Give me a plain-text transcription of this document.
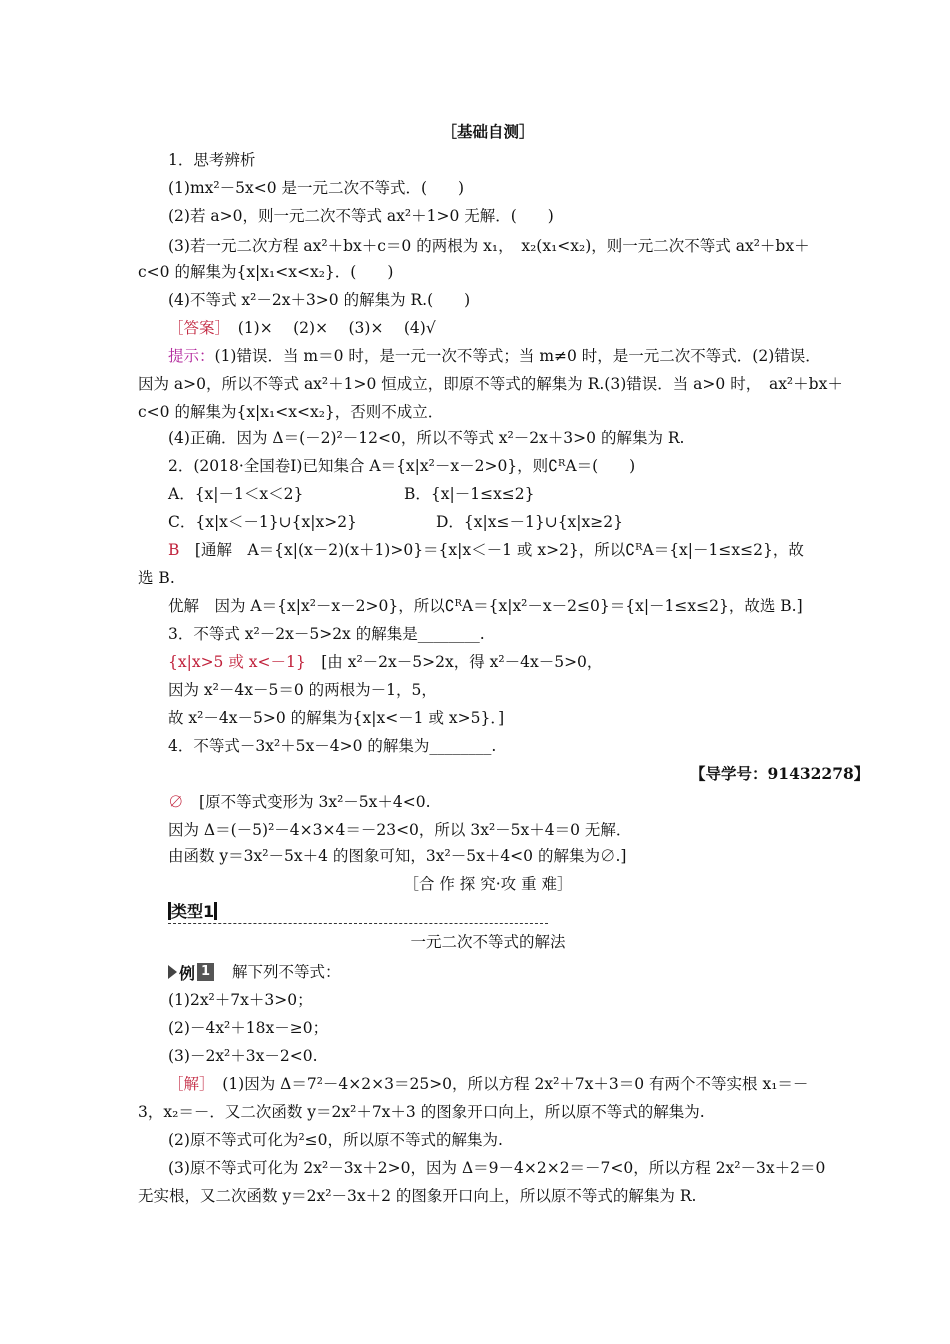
［基础自测］
1．思考辨析
(1)mx²－5x<0 是一元二次不等式．(　　)
(2)若 a>0，则一元二次不等式 ax²＋1>0 无解．(　　)
(3)若一元二次方程 ax²＋bx＋c＝0 的两根为 x₁，　x₂(x₁<x₂)，则一元二次不等式 ax²＋bx＋
c<0 的解集为{x|x₁<x<x₂}．(　　)
(4)不等式 x²－2x＋3>0 的解集为 R.(　　)
［答案］　(1)×　 (2)×　 (3)×　 (4)√
提示：(1)错误．当 m＝0 时，是一元一次不等式；当 m≠0 时，是一元二次不等式．(2)错误．
因为 a>0，所以不等式 ax²＋1>0 恒成立，即原不等式的解集为 R.(3)错误．当 a>0 时，　ax²＋bx＋
c<0 的解集为{x|x₁<x<x₂}，否则不成立．
(4)正确．因为 Δ＝(－2)²－12<0，所以不等式 x²－2x＋3>0 的解集为 R.
2．(2018·全国卷Ⅰ)已知集合 A＝{x|x²－x－2>0}，则∁ᴿA＝(　　)
A．{x|－1＜x＜2}	B．{x|－1≤x≤2}
C．{x|x＜－1}∪{x|x>2}	D．{x|x≤－1}∪{x|x≥2}
B　[通解　A＝{x|(x－2)(x＋1)>0}＝{x|x＜－1 或 x>2}，所以∁ᴿA＝{x|－1≤x≤2}，故
选 B.
优解　因为 A＝{x|x²－x－2>0}，所以∁ᴿA＝{x|x²－x－2≤0}＝{x|－1≤x≤2}，故选 B.]
3．不等式 x²－2x－5>2x 的解集是________.
{x|x>5 或 x<－1}　[由 x²－2x－5>2x，得 x²－4x－5>0，
因为 x²－4x－5＝0 的两根为－1，5，
故 x²－4x－5>0 的解集为{x|x<－1 或 x>5}．]
4．不等式－3x²＋5x－4>0 的解集为________.
【导学号：91432278】
∅　[原不等式变形为 3x²－5x＋4<0.
因为 Δ＝(－5)²－4×3×4＝－23<0，所以 3x²－5x＋4＝0 无解．
由函数 y＝3x²－5x＋4 的图象可知，3x²－5x＋4<0 的解集为∅.]
［合 作 探 究·攻 重 难］
类型1
一元二次不等式的解法
例 1 解下列不等式：
(1)2x²＋7x＋3>0；
(2)－4x²＋18x－≥0；
(3)－2x²＋3x－2<0.
［解］　(1)因为 Δ＝7²－4×2×3＝25>0，所以方程 2x²＋7x＋3＝0 有两个不等实根 x₁＝－
3，x₂＝－．又二次函数 y＝2x²＋7x＋3 的图象开口向上，所以原不等式的解集为.
(2)原不等式可化为²≤0，所以原不等式的解集为.
(3)原不等式可化为 2x²－3x＋2>0，因为 Δ＝9－4×2×2＝－7<0，所以方程 2x²－3x＋2＝0
无实根，又二次函数 y＝2x²－3x＋2 的图象开口向上，所以原不等式的解集为 R.
